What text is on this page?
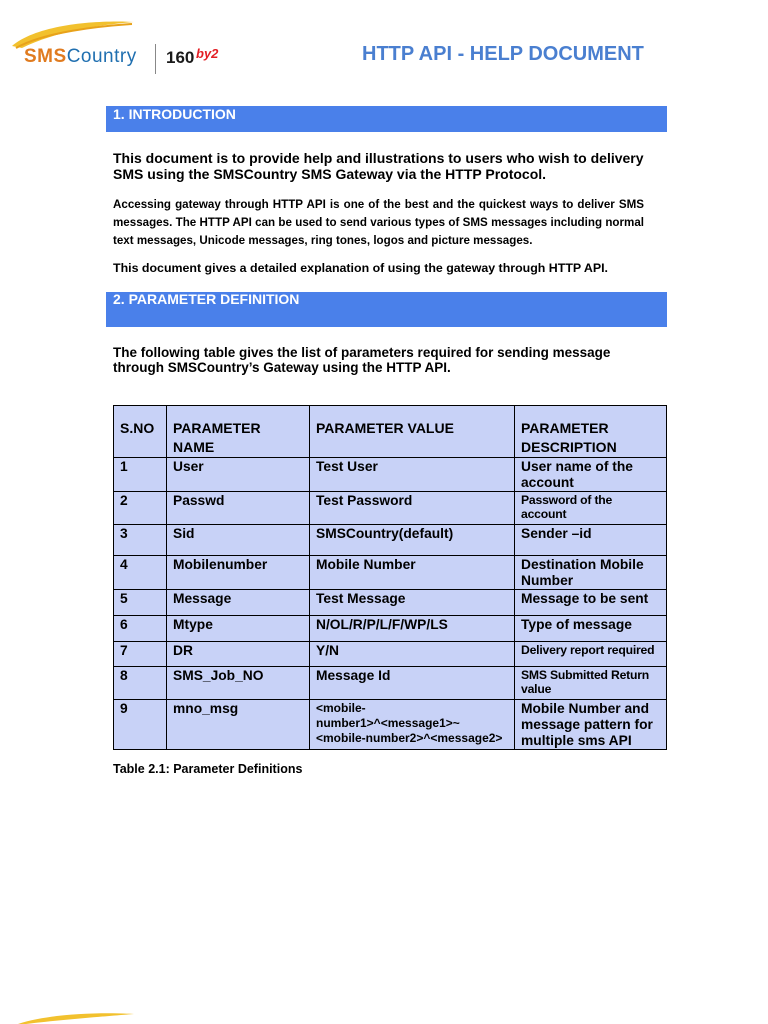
SMSCountry 160 by2	HTTP API - HELP DOCUMENT
1. INTRODUCTION
This document is to provide help and illustrations to users who wish to delivery SMS using the SMSCountry SMS Gateway via the HTTP Protocol.
Accessing gateway through HTTP API is one of the best and the quickest ways to deliver SMS messages. The HTTP API can be used to send various types of SMS messages including normal text messages, Unicode messages, ring tones, logos and picture messages.
This document gives a detailed explanation of using the gateway through HTTP API.
2. PARAMETER DEFINITION
The following table gives the list of parameters required for sending message through SMSCountry’s Gateway using the HTTP API.
S.NO	PARAMETER NAME	PARAMETER VALUE	PARAMETER DESCRIPTION
1	User	Test User	User name of the account
2	Passwd	Test Password	Password of the account
3	Sid	SMSCountry(default)	Sender –id
4	Mobilenumber	Mobile Number	Destination Mobile Number
5	Message	Test Message	Message to be sent
6	Mtype	N/OL/R/P/L/F/WP/LS	Type of message
7	DR	Y/N	Delivery report required
8	SMS_Job_NO	Message Id	SMS Submitted Return value
9	mno_msg	<mobile-number1>^<message1>~<mobile-number2>^<message2>	Mobile Number and message pattern for multiple sms API
Table 2.1: Parameter Definitions
